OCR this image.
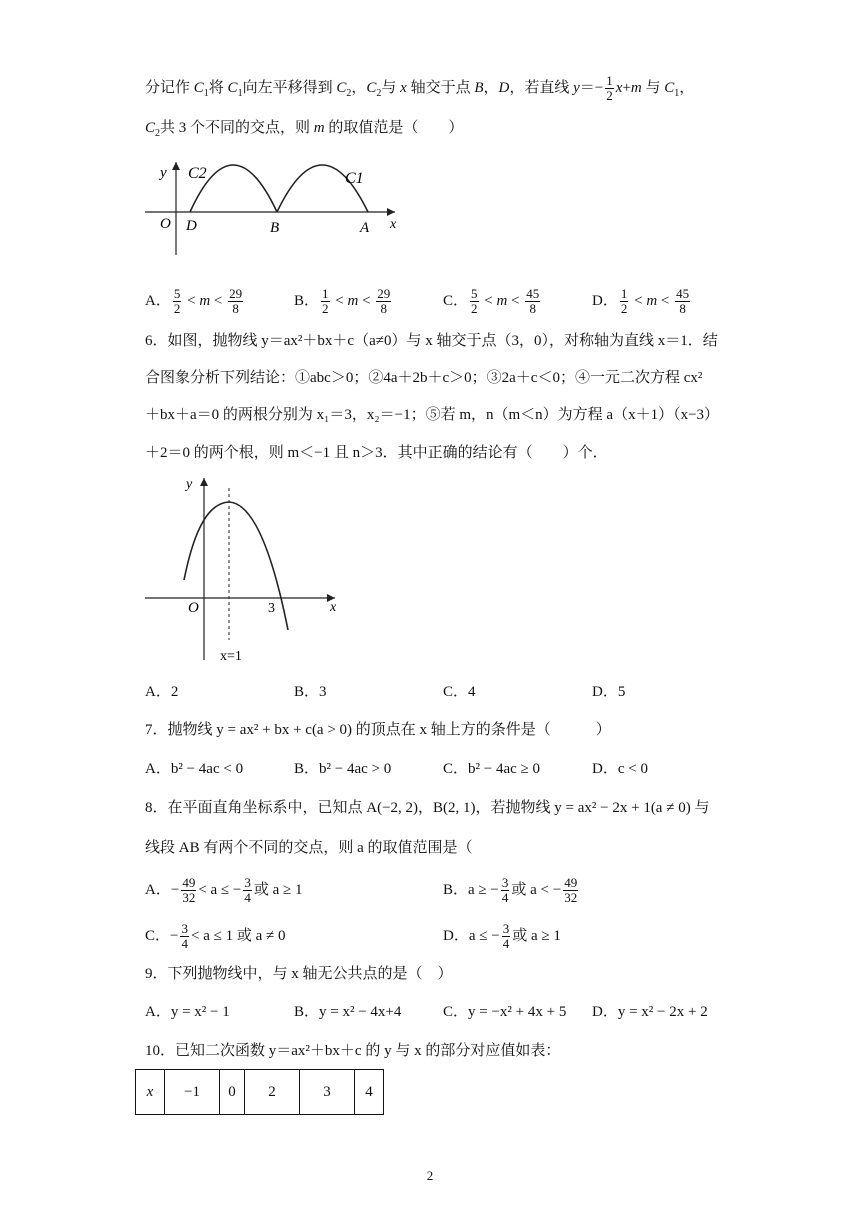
分记作 $C_1$将 $C_1$向左平移得到 $C_2$，$C_2$与 x 轴交于点 B，D，若直线 $y=- \frac{1}{2} x+m$ 与 $C_1$，
$C_2$共 3 个不同的交点，则 m 的取值范是（　　）
y C2	C1
O D	B	A x
A． $\frac{5}{2} < m < \frac{29}{8}$	B． $\frac{1}{2} < m < \frac{29}{8}$	C． $\frac{5}{2} < m < \frac{45}{8}$	D． $\frac{1}{2} < m < \frac{45}{8}$
6．如图，抛物线 y＝ax²＋bx＋c（a≠0）与 x 轴交于点（3，0），对称轴为直线 x＝1．结
合图象分析下列结论：①abc＞0；②4a＋2b＋c＞0；③2a＋c＜0；④一元二次方程 cx²
＋bx＋a＝0 的两根分别为 x₁＝3，x₂＝−1；⑤若 m，n（m＜n）为方程 a（x＋1）（x−3）
＋2＝0 的两个根，则 m＜−1 且 n＞3．其中正确的结论有（　　）个．
y
O	3	x
x=1
A．2	B．3	C．4	D．5
7．抛物线 y = ax² + bx + c(a > 0) 的顶点在 x 轴上方的条件是（　　　）
A．b² − 4ac < 0	B．b² − 4ac > 0	C．b² − 4ac ≥ 0	D．c < 0
8．在平面直角坐标系中，已知点 A(−2, 2)，B(2, 1)，若抛物线 y = ax² − 2x + 1(a ≠ 0) 与
线段 AB 有两个不同的交点，则 a 的取值范围是（
A．− $\frac{49}{32} < a$ ≤ − $\frac{3}{4}$ 或 a ≥ 1	B．a ≥ − $\frac{3}{4}$ 或 a < − $\frac{49}{32}$
C．− $\frac{3}{4} < a \le 1$ 或 a ≠ 0	D．a ≤ − $\frac{3}{4}$ 或 a ≥ 1
9．下列抛物线中，与 x 轴无公共点的是（　）
A．y = x² − 1	B．y = x² − 4x+4	C．y = −x² + 4x + 5 D．y = x² − 2x + 2
10．已知二次函数 y＝ax²＋bx＋c 的 y 与 x 的部分对应值如表：
x	−1	0	2	3	4
2
